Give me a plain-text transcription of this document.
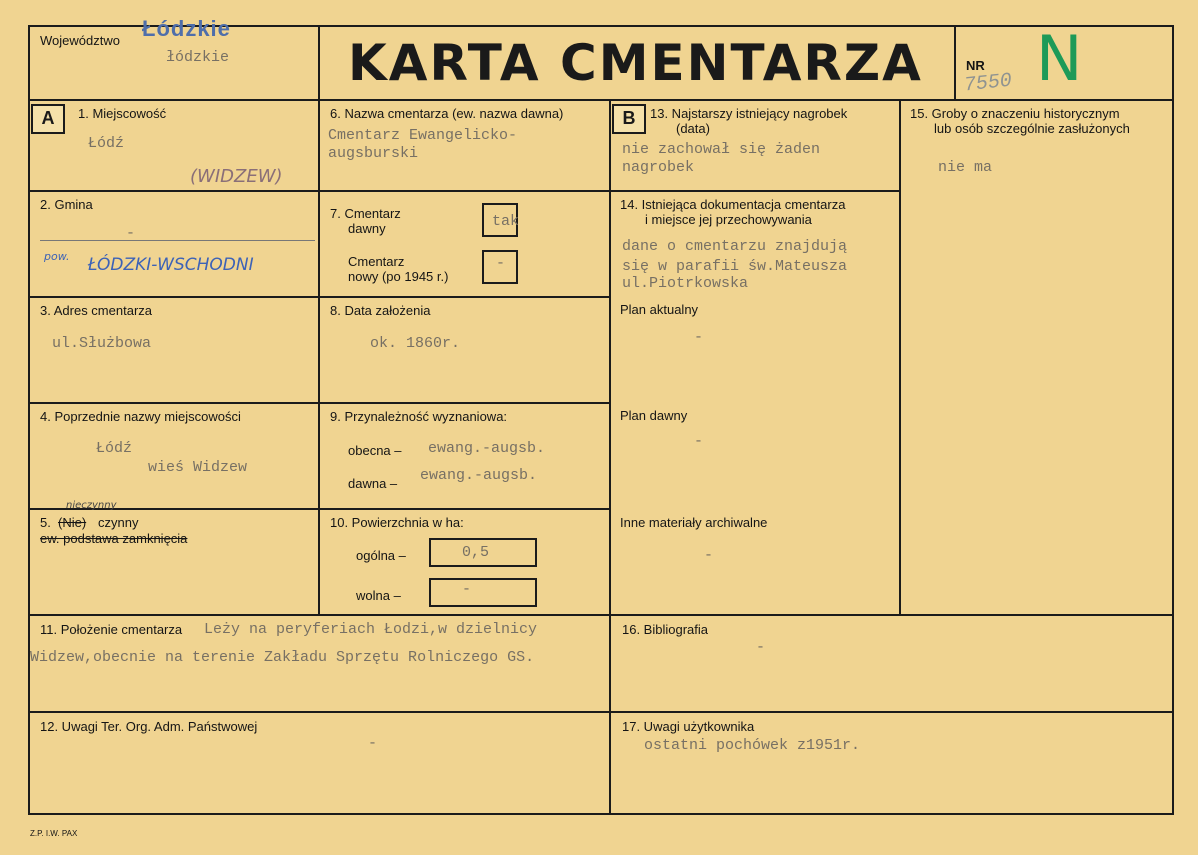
Województwo Łódzkie
łódzkie KARTA CMENTARZA	NR
7550 N
A	B
1. Miejscowość
Łódź
(WIDZEW)
2. Gmina
-
pow. ŁÓDZKI-WSCHODNI
3. Adres cmentarza
ul.Służbowa
4. Poprzednie nazwy miejscowości
Łódź
wieś Widzew
5. (Nie) czynny
ew. podstawa zamknięcia
nieczynny
6. Nazwa cmentarza (ew. nazwa dawna)
Cmentarz Ewangelicko-
augsburski
7. Cmentarz
dawny	tak
Cmentarz
nowy (po 1945 r.)
-
8. Data założenia
ok. 1860r.
9. Przynależność wyznaniowa:
obecna – ewang.-augsb.
dawna – ewang.-augsb.
10. Powierzchnia w ha:
ogólna –	0,5
wolna –	-
11. Położenie cmentarza Leży na peryferiach Łodzi,w dzielnicy
Widzew,obecnie na terenie Zakładu Sprzętu Rolniczego GS.
12. Uwagi Ter. Org. Adm. Państwowej
-
13. Najstarszy istniejący nagrobek
(data)
nie zachował się żaden
nagrobek
14. Istniejąca dokumentacja cmentarza
i miejsce jej przechowywania
dane o cmentarzu znajdują
się w parafii św.Mateusza
ul.Piotrkowska
Plan aktualny
-
Plan dawny
-
Inne materiały archiwalne
-
15. Groby o znaczeniu historycznym
lub osób szczególnie zasłużonych
nie ma
16. Bibliografia
-
17. Uwagi użytkownika
ostatni pochówek z1951r.
Z.P. I.W. PAX
